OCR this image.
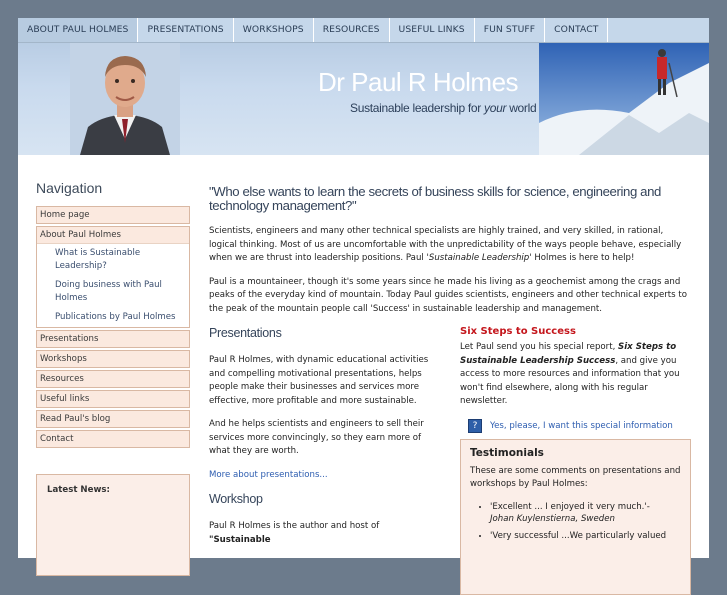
ABOUT PAUL HOLMES	PRESENTATIONS	WORKSHOPS	RESOURCES	USEFUL LINKS	FUN STUFF	CONTACT
Dr Paul R Holmes
Sustainable leadership for your world
Navigation
Home page
About Paul Holmes
What is Sustainable Leadership?
Doing business with Paul Holmes
Publications by Paul Holmes
Presentations
Workshops
Resources
Useful links
Read Paul's blog
Contact
Latest News:
"Who else wants to learn the secrets of business skills for science, engineering and technology management?"

Scientists, engineers and many other technical specialists are highly trained, and very skilled, in rational, logical thinking. Most of us are uncomfortable with the unpredictability of the ways people behave, especially when we are thrust into leadership positions. Paul 'Sustainable Leadership' Holmes is here to help!

Paul is a mountaineer, though it's some years since he made his living as a geochemist among the crags and peaks of the everyday kind of mountain. Today Paul guides scientists, engineers and other technical experts to the peak of the mountain people call 'Success' in sustainable leadership and management.

Presentations

Paul R Holmes, with dynamic educational activities and compelling motivational presentations, helps people make their businesses and services more effective, more profitable and more sustainable.

And he helps scientists and engineers to sell their services more convincingly, so they earn more of what they are worth.

More about presentations...

Workshop

Paul R Holmes is the author and host of "Sustainable

Six Steps to Success

Let Paul send you his special report, Six Steps to Sustainable Leadership Success, and give you access to more resources and information that you won't find elsewhere, along with his regular newsletter.

?	Yes, please, I want this special information
Testimonials

These are some comments on presentations and workshops by Paul Holmes:

• 'Excellent ... I enjoyed it very much.'-
Johan Kuylenstierna, Sweden
• 'Very successful ...We particularly valued
